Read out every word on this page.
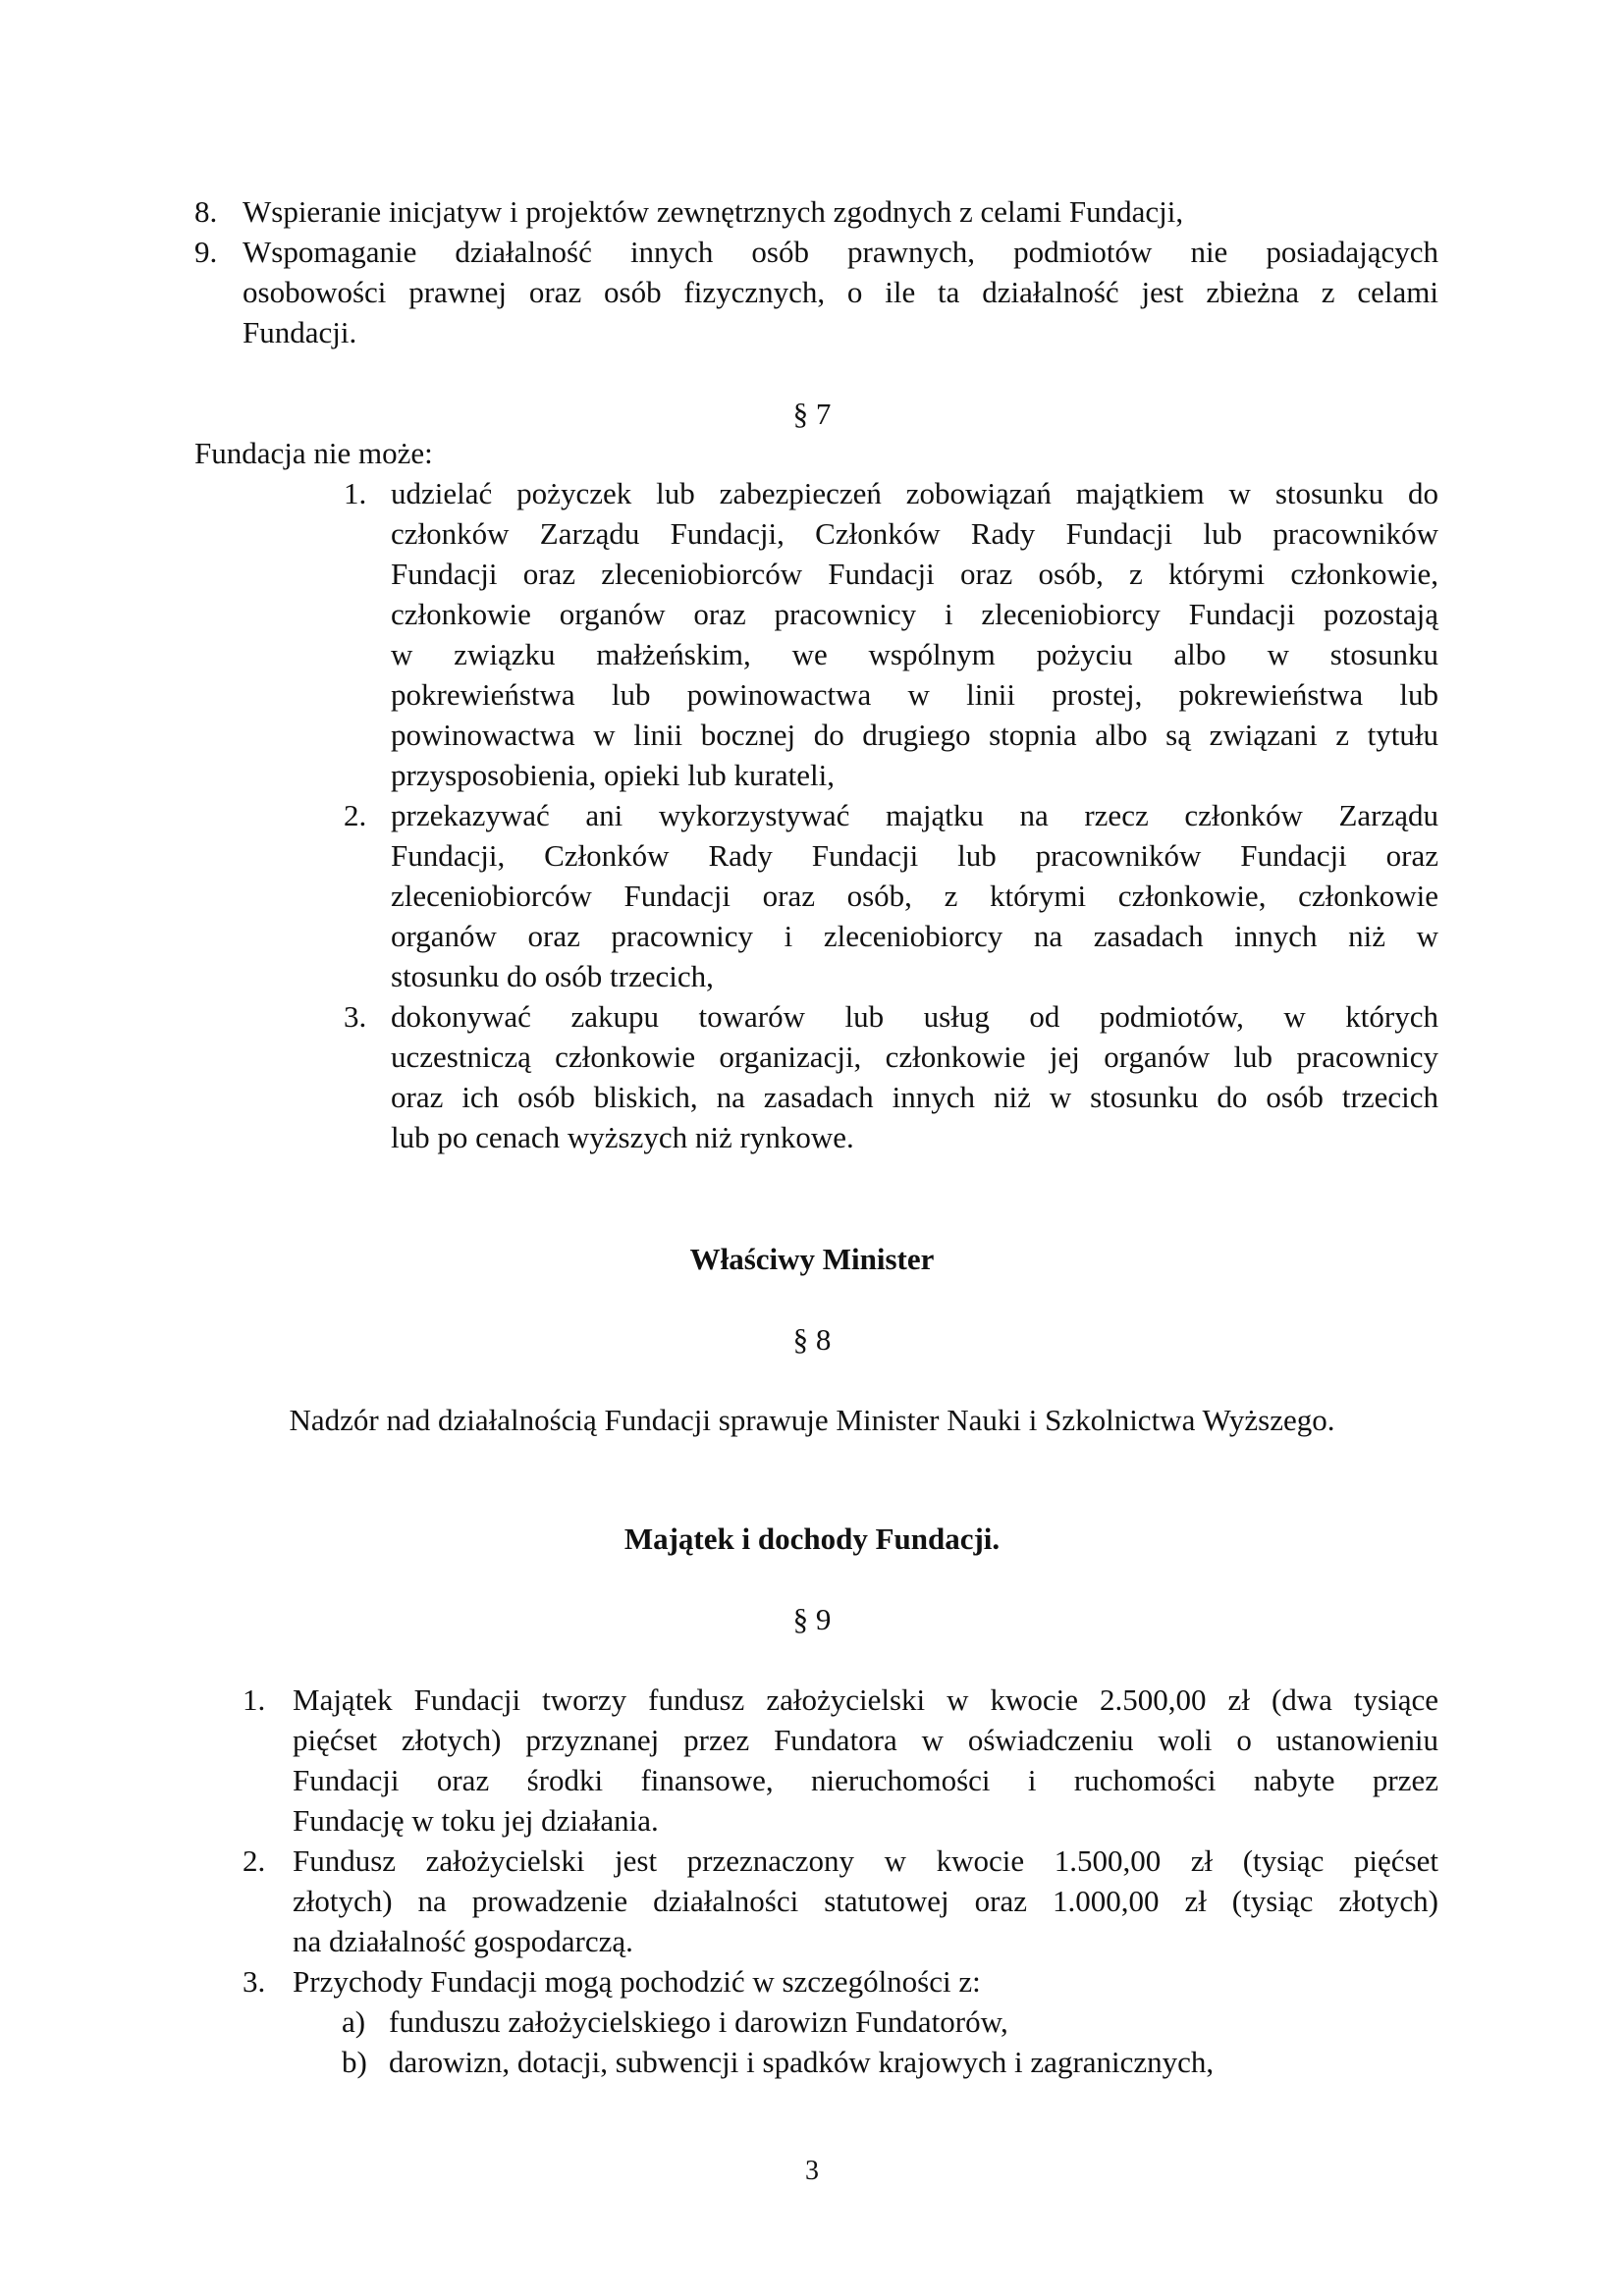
8. Wspieranie inicjatyw i projektów zewnętrznych zgodnych z celami Fundacji,
9. Wspomaganie działalność innych osób prawnych, podmiotów nie posiadających
osobowości prawnej oraz osób fizycznych, o ile ta działalność jest zbieżna z celami
Fundacji.
§ 7
Fundacja nie może:
1. udzielać pożyczek lub zabezpieczeń zobowiązań majątkiem w stosunku do
członków Zarządu Fundacji, Członków Rady Fundacji lub pracowników
Fundacji oraz zleceniobiorców Fundacji oraz osób, z którymi członkowie,
członkowie organów oraz pracownicy i zleceniobiorcy Fundacji pozostają
w związku małżeńskim, we wspólnym pożyciu albo w stosunku
pokrewieństwa lub powinowactwa w linii prostej, pokrewieństwa lub
powinowactwa w linii bocznej do drugiego stopnia albo są związani z tytułu
przysposobienia, opieki lub kurateli,
2. przekazywać ani wykorzystywać majątku na rzecz członków Zarządu
Fundacji, Członków Rady Fundacji lub pracowników Fundacji oraz
zleceniobiorców Fundacji oraz osób, z którymi członkowie, członkowie
organów oraz pracownicy i zleceniobiorcy na zasadach innych niż w
stosunku do osób trzecich,
3. dokonywać zakupu towarów lub usług od podmiotów, w których
uczestniczą członkowie organizacji, członkowie jej organów lub pracownicy
oraz ich osób bliskich, na zasadach innych niż w stosunku do osób trzecich
lub po cenach wyższych niż rynkowe.
Właściwy Minister
§ 8
Nadzór nad działalnością Fundacji sprawuje Minister Nauki i Szkolnictwa Wyższego.
Majątek i dochody Fundacji.
§ 9
1. Majątek Fundacji tworzy fundusz założycielski w kwocie 2.500,00 zł (dwa tysiące
pięćset złotych) przyznanej przez Fundatora w oświadczeniu woli o ustanowieniu
Fundacji oraz środki finansowe, nieruchomości i ruchomości nabyte przez
Fundację w toku jej działania.
2. Fundusz założycielski jest przeznaczony w kwocie 1.500,00 zł (tysiąc pięćset
złotych) na prowadzenie działalności statutowej oraz 1.000,00 zł (tysiąc złotych)
na działalność gospodarczą.
3. Przychody Fundacji mogą pochodzić w szczególności z:
a) funduszu założycielskiego i darowizn Fundatorów,
b) darowizn, dotacji, subwencji i spadków krajowych i zagranicznych,
3
